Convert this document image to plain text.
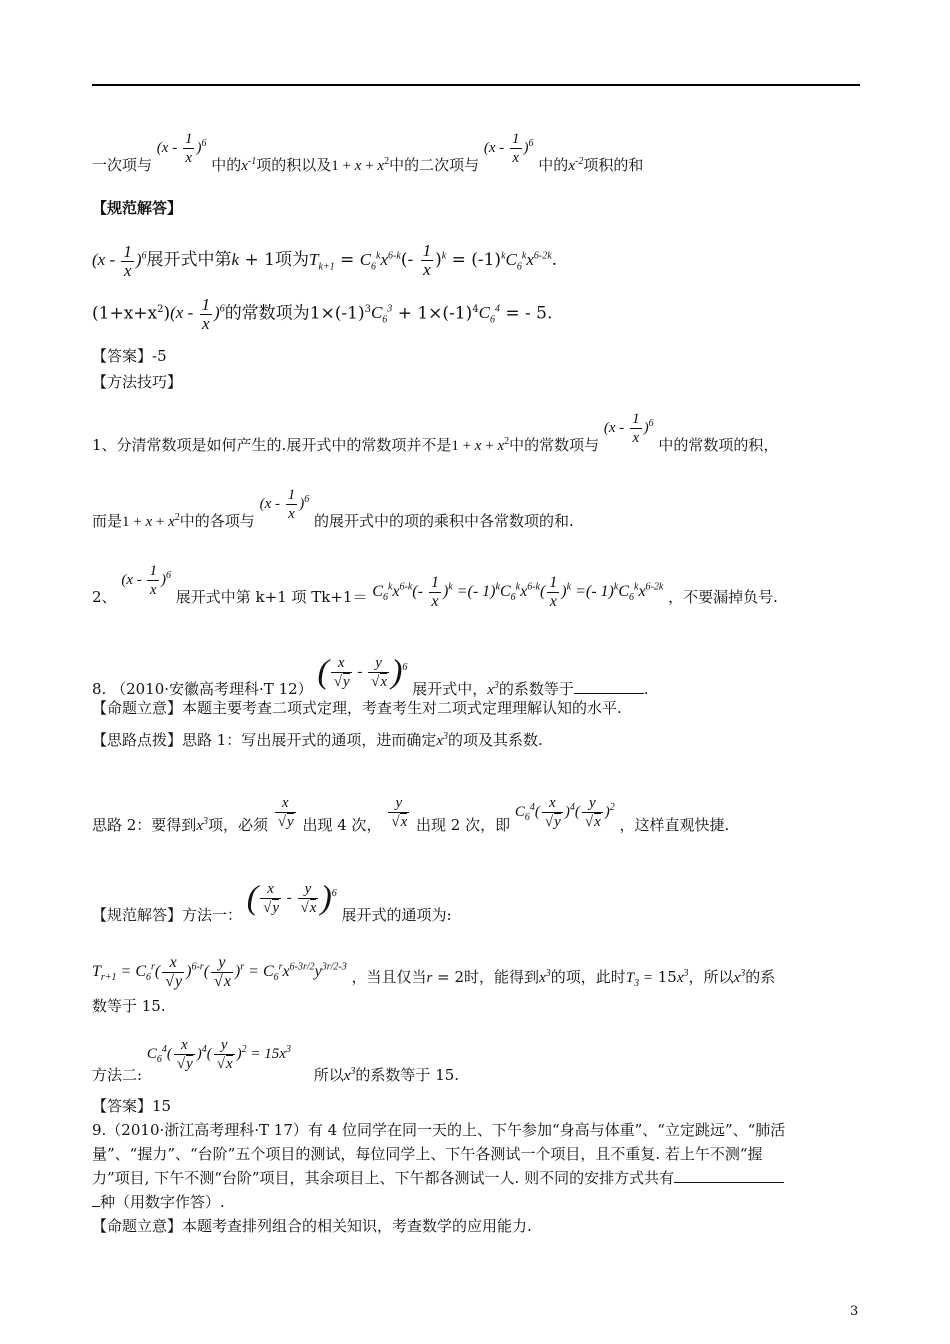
一次项与 $(x - \frac{1}{x} )^6$ 中的$x^{-1}$项的积以及$1 + x + x^2$中的二次项与 $(x - \frac{1}{x} )^6$ 中的$x^{-2}$项积的和
【规范解答】
$(x - \frac{1}{x} )^6$展开式中第k + 1项为$T_{k+1} = C_6^kx^{6-k}(- \frac{1}{x} )^k = (-1)^kC_6^kx^{6-2k}$.
$(1+x+x^2)(x - \frac{1}{x} )^6$的常数项为$1\times(-1)^3C_6^3 + 1\times(-1)^4C_6^4$ = - 5.
【答案】-5
【方法技巧】
1、分清常数项是如何产生的.展开式中的常数项并不是$1 + x + x^2$中的常数项与 $(x - \frac{1}{x} )^6$ 中的常数项的积，
而是$1 + x + x^2$中的各项与 $(x - \frac{1}{x} )^6$ 的展开式中的项的乘积中各常数项的和.
2、 $(x - \frac{1}{x} )^6$ 展开式中第 k+1 项 $Tk+1= C_6^kx^{6-k}(- \frac{1}{x} )^k$ =(- $1)^kC_6^kx^{6-k}( \frac{1}{x} )^k$ =(- $1)^kC_6^kx^{6-2k}$ ，不要漏掉负号.
8. （2010·安徽高考理科·T 12） ( x
√ y - y
√ x )$^6$ 展开式中，$x^3$的系数等于	.
【命题立意】本题主要考查二项式定理，考查考生对二项式定理理解认知的水平.
【思路点拨】思路 1：写出展开式的通项，进而确定$x^3$的项及其系数.
思路 2：要得到$x^3$项，必须 x
√ y 出现 4 次， y
√ x 出现 2 次，即 $C_6^4$( x
√ y )$^4$( y
√ x )$^2$ ，这样直观快捷.
【规范解答】方法一： ( x
√ y - y
√ x )$^6$ 展开式的通项为:
$T_{r+1} = C_6^r$( x
√ y )$^{6-r}$( y
√ x )$^r = C_6^rx^{6-3r/2}y^{3r/2-3}$ ，当且仅当r = 2时，能得到$x^3$的项，此时$T_3 = 15x^3$，所以$x^3$的系
数等于 15.
方法二: $C_6^4$( x
√ y )$^4$( y
√ x )$^2 = 15x^3$ 所以$x^3$的系数等于 15.
【答案】15
9.（2010·浙江高考理科·T 17）有 4 位同学在同一天的上、下午参加“身高与体重”、“立定跳远”、“肺活
量”、“握力”、“台阶”五个项目的测试，每位同学上、下午各测试一个项目，且不重复. 若上午不测“握
力”项目, 下午不测“台阶”项目，其余项目上、下午都各测试一人. 则不同的安排方式共有
种（用数字作答）.
【命题立意】本题考查排列组合的相关知识，考查数学的应用能力.
3
